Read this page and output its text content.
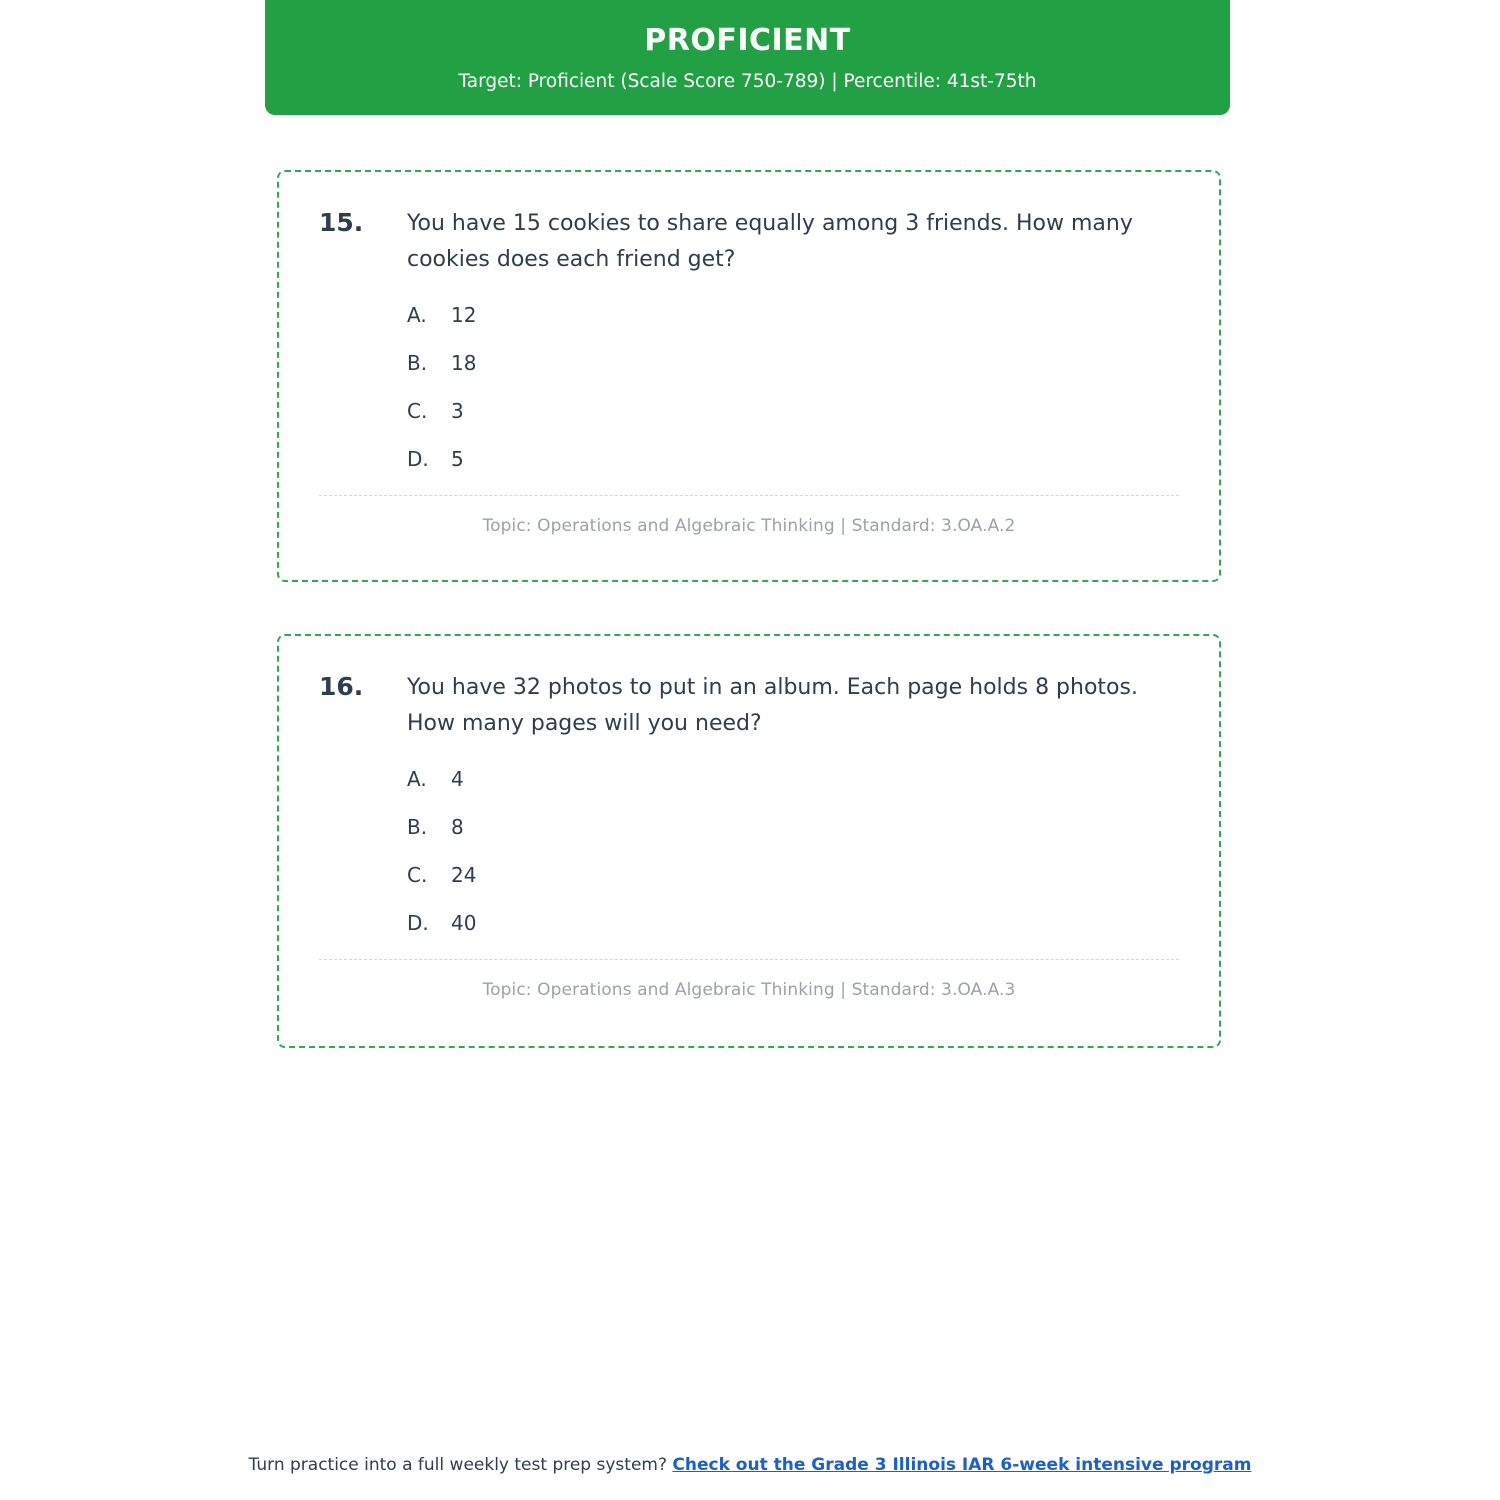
PROFICIENT
Target: Proficient (Scale Score 750-789) | Percentile: 41st-75th
15.	You have 15 cookies to share equally among 3 friends. How many cookies does each friend get?
A.	12
B.	18
C.	3
D.	5
Topic: Operations and Algebraic Thinking | Standard: 3.OA.A.2
16.	You have 32 photos to put in an album. Each page holds 8 photos. How many pages will you need?
A.	4
B.	8
C.	24
D.	40
Topic: Operations and Algebraic Thinking | Standard: 3.OA.A.3
Turn practice into a full weekly test prep system? Check out the Grade 3 Illinois IAR 6-week intensive program
